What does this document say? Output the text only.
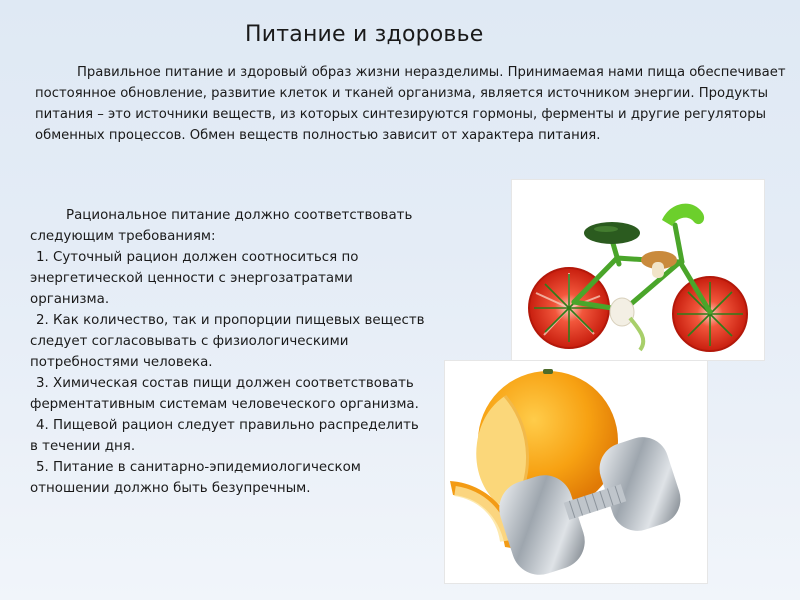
Питание и здоровье
Правильное питание и здоровый образ жизни неразделимы. Принимаемая нами пища обеспечивает постоянное обновление, развитие клеток и тканей организма, является источником энергии. Продукты питания – это источники веществ, из которых синтезируются гормоны, ферменты и другие регуляторы обменных процессов. Обмен веществ полностью зависит от характера питания.
Рациональное питание должно соответствовать следующим требованиям:
1. Суточный рацион должен соотноситься по энергетической ценности с энергозатратами организма.
2. Как количество, так и пропорции пищевых веществ следует согласовывать с физиологическими потребностями человека.
3. Химическая состав пищи должен соответствовать ферментативным системам человеческого организма.
4. Пищевой рацион следует правильно распределить в течении дня.
5. Питание в санитарно-эпидемиологическом отношении должно быть безупречным.
